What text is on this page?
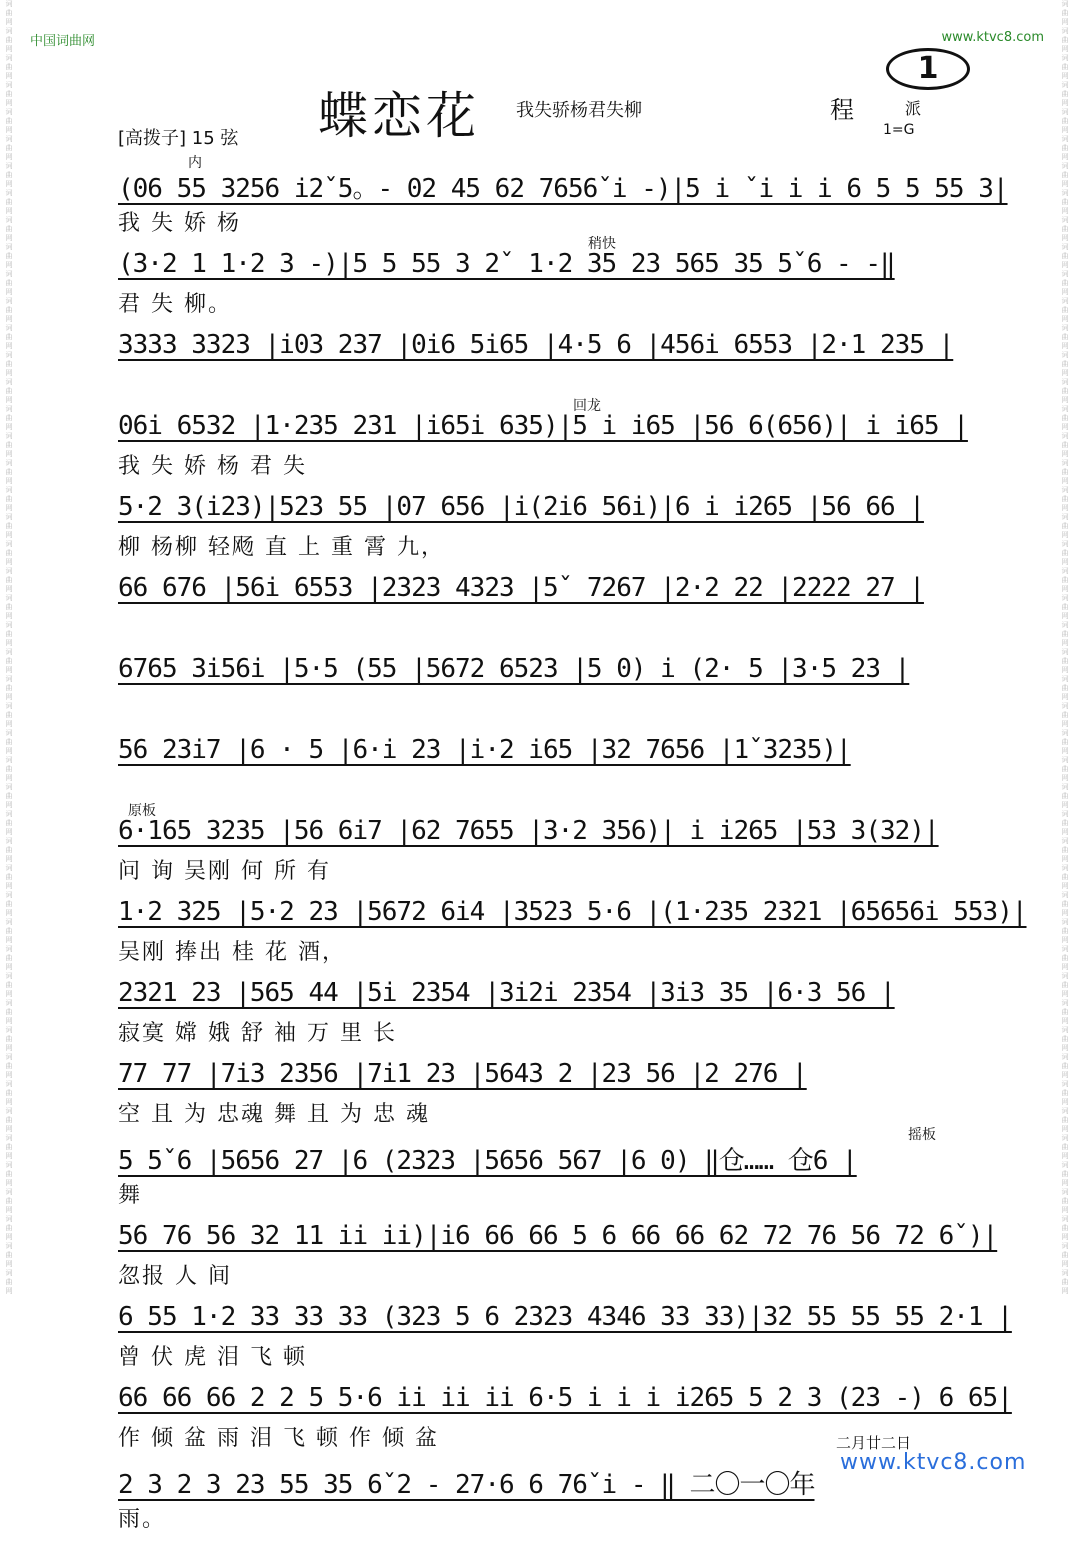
词
曲
网
词
曲
网
词
曲
网
词
曲
网
词
曲
网
词
曲
网
词
曲
网
词
曲
网
词
曲
网
词
曲
网
词
曲
网
词
曲
网
词
曲
网
词
曲
网
词
曲
网
词
曲
网
词
曲
网
词
曲
网
词
曲
网
词
曲
网
词
曲
网
词
曲
网
词
曲
网
词
曲
网
词
曲
网
词
曲
网
词
曲
网
词
曲
网
词
曲
网
词
曲
网
词
曲
网
词
曲
网
词
曲
网
词
曲
网
词
曲
网
词
曲
网
词
曲
网
词
曲
网
词
曲
网
词
曲
网
词
曲
网
词
曲
网
词
曲
网
词
曲
网
词
曲
网
词
曲
网
词
曲
网
词
曲
网
词
曲
网
词
曲
网
词
曲
网
词
曲
网
词
曲
网
词
曲
网
词
曲
网
词
曲
网
词
曲
网
词
曲
网
词
曲
网
词
曲
网
词
曲
网
词
曲
网
词
曲
网
词
曲
网
词
曲
网
词
曲
网
词
曲
网
词
曲
网
词
曲
网
词
曲
网
词
曲
网
词
曲
网
词
曲
网
词
曲
网
词
曲
网
词
曲
网
词
曲
网
词
曲
网
词
曲
网
词
曲
网
词
曲
网
词
曲
网
词
曲
网
词
曲
网
词
曲
网
词
曲
网
词
曲
网
词
曲
网
词
曲
网
词
曲
网
词
曲
网
词
曲
网
词
曲
网
词
曲
网
词
曲
网
词
曲
网
中国词曲网	www.ktvc8.com
蝶恋花 我失骄杨君失柳	程	派
1=G
1
[高拨子] 15 弦
(06 55 3256 i2ˇ5。- 02 45 62 7656ˇi -)|5 i ˇi i i 6 5 5 55 3|
内
我 失 娇 杨
(3·2 1 1·2 3 -)|5 5 55 3 2ˇ 1·2 35 23 565 35 5ˇ6 - -‖
稍快
君 失 柳。
3333 3323 |i03 237 |0i6 5i65 |4·5 6 |456i 6553 |2·1 235 |
06i 6532 |1·235 231 |i65i 635)|5 i i65 |56 6(656)| i i65 |
回龙
我 失 娇 杨 君 失
5·2 3(i23)|523 55 |07 656 |i(2i6 56i)|6 i i265 |56 66 |
柳 杨柳 轻飏 直 上 重 霄 九，
66 676 |56i 6553 |2323 4323 |5ˇ 7267 |2·2 22 |2222 27 |
6765 3i56i |5·5 (55 |5672 6523 |5 0) i (2· 5 |3·5 23 |
56 23i7 |6 · 5 |6·i 23 |i·2 i65 |32 7656 |1ˇ3235)|
6·165 3235 |56 6i7 |62 7655 |3·2 356)| i i265 |53 3(32)|
原板
问 询 吴刚 何 所 有
1·2 325 |5·2 23 |5672 6i4 |3523 5·6 |(1·235 2321 |65656i 553)|
吴刚 捧出 桂 花 酒，
2321 23 |565 44 |5i 2354 |3i2i 2354 |3i3 35 |6·3 56 |
寂寞 嫦 娥 舒 袖 万 里 长
77 77 |7i3 2356 |7i1 23 |5643 2 |23 56 |2 276 |
空 且 为 忠魂 舞 且 为 忠 魂
5 5ˇ6 |5656 27 |6 (2323 |5656 567 |6 0) ‖仓…… 仓6 |
摇板
舞
56 76 56 32 11 ii ii)|i6 66 66 5 6 66 66 62 72 76 56 72 6ˇ)|
忽报 人 间
6 55 1·2 33 33 33 (323 5 6 2323 4346 33 33)|32 55 55 55 2·1 |
曾 伏 虎 泪 飞 顿
66 66 66 2 2 5 5·6 ii ii ii 6·5 i i i i265 5 2 3 (23 -) 6 65|
作 倾 盆 雨 泪 飞 顿 作 倾 盆
2 3 2 3 23 55 35 6ˇ2 - 27·6 6 76ˇi - ‖ 二〇一〇年
雨。
二月廿二日
www.ktvc8.com
